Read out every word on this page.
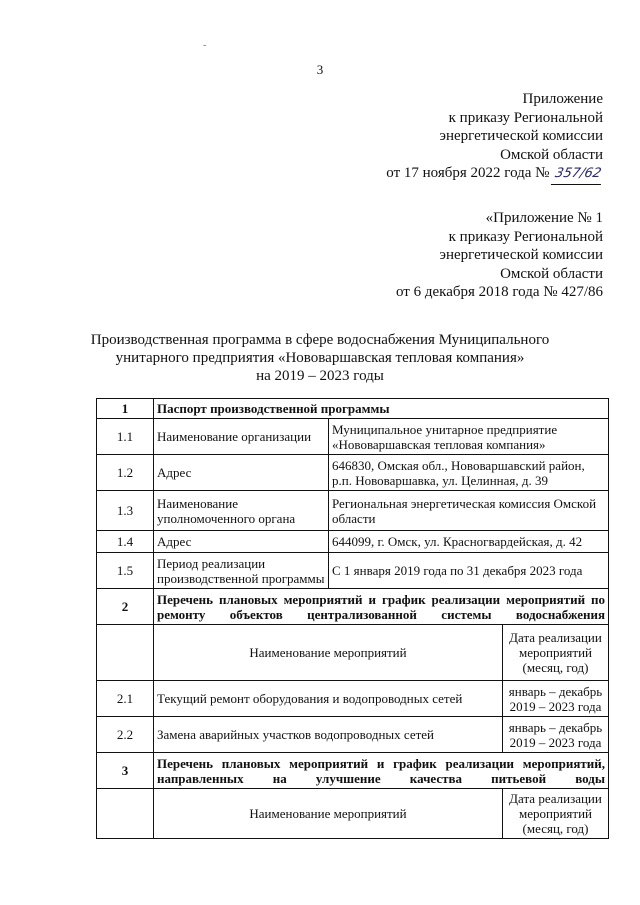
-
3
Приложение
к приказу Региональной
энергетической комиссии
Омской области
от 17 ноября 2022 года № 357/62
«Приложение № 1
к приказу Региональной
энергетической комиссии
Омской области
от 6 декабря 2018 года № 427/86
Производственная программа в сфере водоснабжения Муниципального
унитарного предприятия «Нововаршавская тепловая компания»
на 2019 – 2023 годы
1	Паспорт производственной программы		
1.1	Наименование организации	Муниципальное унитарное предприятие «Нововаршавская тепловая компания»	
1.2	Адрес	646830, Омская обл., Нововаршавский район, р.п. Нововаршавка, ул. Целинная, д. 39	
1.3	Наименование уполномоченного органа	Региональная энергетическая комиссия Омской области	
1.4	Адрес	644099, г. Омск, ул. Красногвардейская, д. 42	
1.5	Период реализации производственной программы	С 1 января 2019 года по 31 декабря 2023 года	
2	Перечень плановых мероприятий и график реализации мероприятий по ремонту объектов централизованной системы водоснабжения		
	Наименование мероприятий		Дата реализации мероприятий (месяц, год)
2.1	Текущий ремонт оборудования и водопроводных сетей		январь – декабрь 2019 – 2023 года
2.2	Замена аварийных участков водопроводных сетей		январь – декабрь 2019 – 2023 года
3	Перечень плановых мероприятий и график реализации мероприятий, направленных на улучшение качества питьевой воды		
	Наименование мероприятий		Дата реализации мероприятий (месяц, год)
